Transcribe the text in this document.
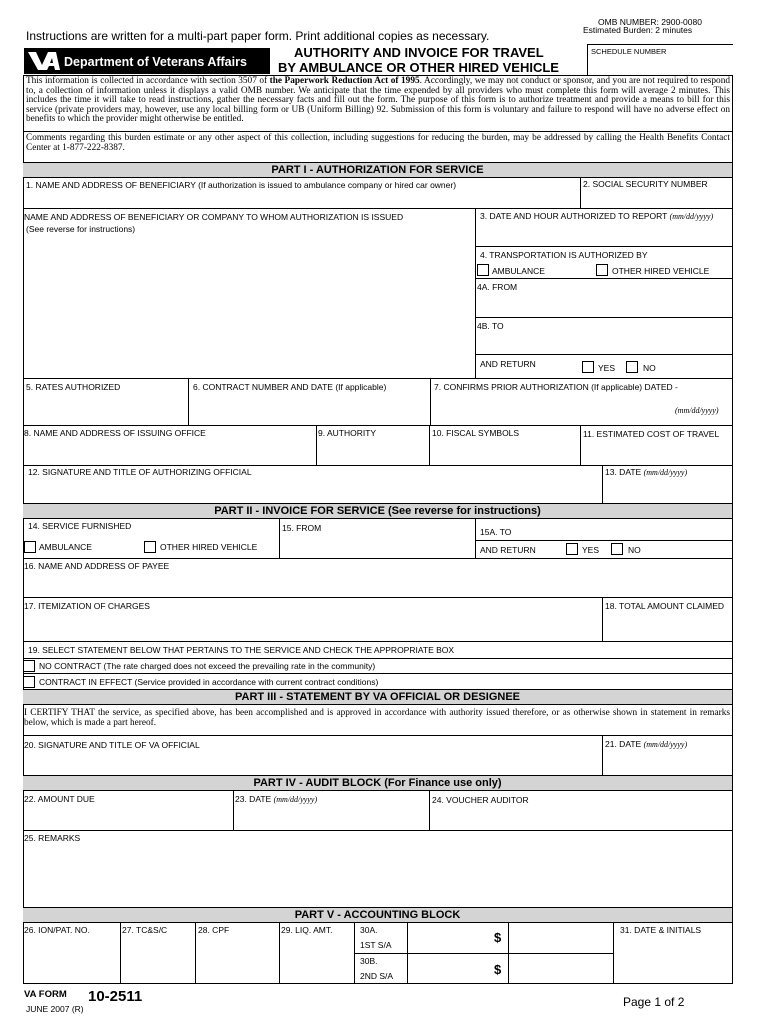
Instructions are written for a multi-part paper form. Print additional copies as necessary.
OMB NUMBER: 2900-0080
Estimated Burden: 2 minutes
Department of Veterans Affairs
AUTHORITY AND INVOICE FOR TRAVEL
BY AMBULANCE OR OTHER HIRED VEHICLE
SCHEDULE NUMBER
This information is collected in accordance with section 3507 of the Paperwork Reduction Act of 1995. Accordingly, we may not conduct or sponsor, and you are not required to respond to, a collection of information unless it displays a valid OMB number. We anticipate that the time expended by all providers who must complete this form will average 2 minutes. This includes the time it will take to read instructions, gather the necessary facts and fill out the form. The purpose of this form is to authorize treatment and provide a means to bill for this service (private providers may, however, use any local billing form or UB (Uniform Billing) 92. Submission of this form is voluntary and failure to respond will have no adverse effect on benefits to which the provider might otherwise be entitled.
Comments regarding this burden estimate or any other aspect of this collection, including suggestions for reducing the burden, may be addressed by calling the Health Benefits Contact Center at 1-877-222-8387.
PART I - AUTHORIZATION FOR SERVICE
1. NAME AND ADDRESS OF BENEFICIARY (If authorization is issued to ambulance company or hired car owner)	2. SOCIAL SECURITY NUMBER
NAME AND ADDRESS OF BENEFICIARY OR COMPANY TO WHOM AUTHORIZATION IS ISSUED
(See reverse for instructions)
3. DATE AND HOUR AUTHORIZED TO REPORT (mm/dd/yyyy)
4. TRANSPORTATION IS AUTHORIZED BY
AMBULANCE	OTHER HIRED VEHICLE
4A. FROM
4B. TO
AND RETURN	YES	NO
5. RATES AUTHORIZED	6. CONTRACT NUMBER AND DATE (If applicable)	7. CONFIRMS PRIOR AUTHORIZATION (If applicable) DATED -
(mm/dd/yyyy)
8. NAME AND ADDRESS OF ISSUING OFFICE	9. AUTHORITY	10. FISCAL SYMBOLS	11. ESTIMATED COST OF TRAVEL
12. SIGNATURE AND TITLE OF AUTHORIZING OFFICIAL	13. DATE (mm/dd/yyyy)
PART II - INVOICE FOR SERVICE (See reverse for instructions)
14. SERVICE FURNISHED	15. FROM	15A. TO
AMBULANCE	OTHER HIRED VEHICLE	AND RETURN	YES	NO
16. NAME AND ADDRESS OF PAYEE
17. ITEMIZATION OF CHARGES	18. TOTAL AMOUNT CLAIMED
19. SELECT STATEMENT BELOW THAT PERTAINS TO THE SERVICE AND CHECK THE APPROPRIATE BOX
NO CONTRACT (The rate charged does not exceed the prevailing rate in the community)
CONTRACT IN EFFECT (Service provided in accordance with current contract conditions)
PART III - STATEMENT BY VA OFFICIAL OR DESIGNEE
I CERTIFY THAT the service, as specified above, has been accomplished and is approved in accordance with authority issued therefore, or as otherwise shown in statement in remarks below, which is made a part hereof.
20. SIGNATURE AND TITLE OF VA OFFICIAL	21. DATE (mm/dd/yyyy)
PART IV - AUDIT BLOCK (For Finance use only)
22. AMOUNT DUE	23. DATE (mm/dd/yyyy)	24. VOUCHER AUDITOR
25. REMARKS
PART V - ACCOUNTING BLOCK
26. ION/PAT. NO.	27. TC&S/C	28. CPF	29. LIQ. AMT.	30A.
1ST S/A	$
30B.
2ND S/A	$
31. DATE & INITIALS
VA FORM 10-2511
JUNE 2007 (R)	Page 1 of 2
